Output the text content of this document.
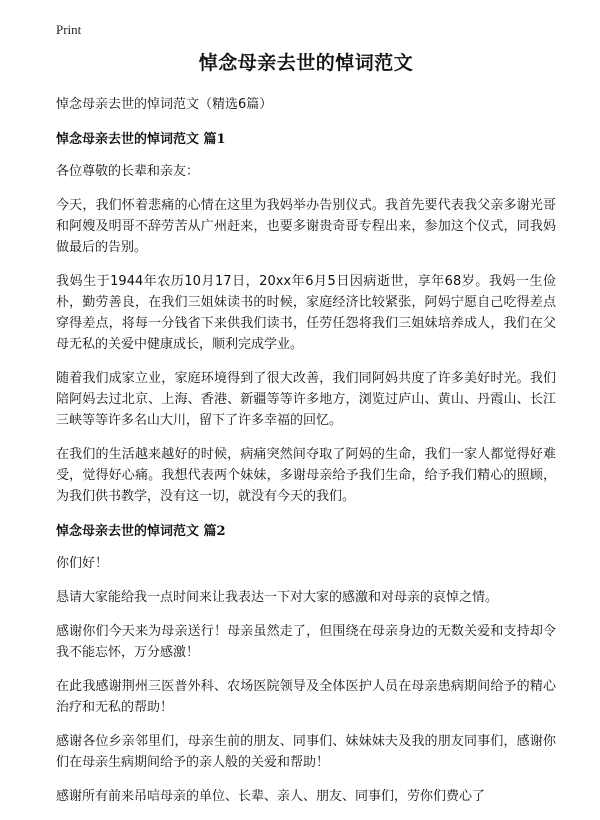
Print
悼念母亲去世的悼词范文
悼念母亲去世的悼词范文（精选6篇）
悼念母亲去世的悼词范文 篇1

各位尊敬的长辈和亲友：

今天，我们怀着悲痛的心情在这里为我妈举办告别仪式。我首先要代表我父亲多谢光哥和阿嫂及明哥不辞劳苦从广州赶来，也要多谢贵奇哥专程出来，参加这个仪式，同我妈做最后的告别。

我妈生于1944年农历10月17日，20xx年6月5日因病逝世，享年68岁。我妈一生俭朴，勤劳善良，在我们三姐妹读书的时候，家庭经济比较紧张，阿妈宁愿自己吃得差点穿得差点，将每一分钱省下来供我们读书，任劳任怨将我们三姐妹培养成人，我们在父母无私的关爱中健康成长，顺利完成学业。

随着我们成家立业，家庭环境得到了很大改善，我们同阿妈共度了许多美好时光。我们陪阿妈去过北京、上海、香港、新疆等等许多地方，浏览过庐山、黄山、丹霞山、长江三峡等等许多名山大川，留下了许多幸福的回忆。

在我们的生活越来越好的时候，病痛突然间夺取了阿妈的生命，我们一家人都觉得好难受，觉得好心痛。我想代表两个妹妹，多谢母亲给予我们生命，给予我们精心的照顾，为我们供书教学，没有这一切，就没有今天的我们。

悼念母亲去世的悼词范文 篇2

你们好！

恳请大家能给我一点时间来让我表达一下对大家的感激和对母亲的哀悼之情。

感谢你们今天来为母亲送行！母亲虽然走了，但围绕在母亲身边的无数关爱和支持却令我不能忘怀，万分感激！

在此我感谢荆州三医普外科、农场医院领导及全体医护人员在母亲患病期间给予的精心治疗和无私的帮助！

感谢各位乡亲邻里们，母亲生前的朋友、同事们、妹妹妹夫及我的朋友同事们，感谢你们在母亲生病期间给予的亲人般的关爱和帮助！

感谢所有前来吊唁母亲的单位、长辈、亲人、朋友、同事们，劳你们费心了
